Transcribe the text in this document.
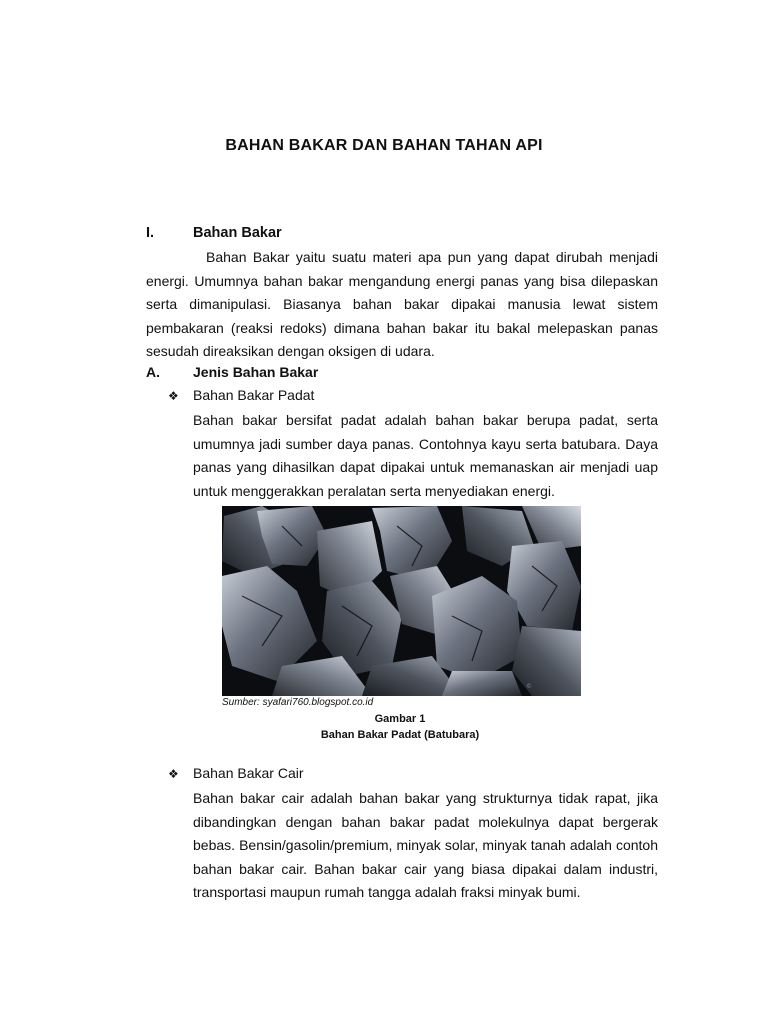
BAHAN BAKAR DAN BAHAN TAHAN API
I.	Bahan Bakar

Bahan Bakar yaitu suatu materi apa pun yang dapat dirubah menjadi energi. Umumnya bahan bakar mengandung energi panas yang bisa dilepaskan serta dimanipulasi. Biasanya bahan bakar dipakai manusia lewat sistem pembakaran (reaksi redoks) dimana bahan bakar itu bakal melepaskan panas sesudah direaksikan dengan oksigen di udara.

A. Jenis Bahan Bakar
❖ Bahan Bakar Padat

Bahan bakar bersifat padat adalah bahan bakar berupa padat, serta umumnya jadi sumber daya panas. Contohnya kayu serta batubara. Daya panas yang dihasilkan dapat dipakai untuk memanaskan air menjadi uap untuk menggerakkan peralatan serta menyediakan energi.

©

Sumber: syafari760.blogspot.co.id

Gambar 1
Bahan Bakar Padat (Batubara)
❖ Bahan Bakar Cair

Bahan bakar cair adalah bahan bakar yang strukturnya tidak rapat, jika dibandingkan dengan bahan bakar padat molekulnya dapat bergerak bebas. Bensin/gasolin/premium, minyak solar, minyak tanah adalah contoh bahan bakar cair. Bahan bakar cair yang biasa dipakai dalam industri, transportasi maupun rumah tangga adalah fraksi minyak bumi.
